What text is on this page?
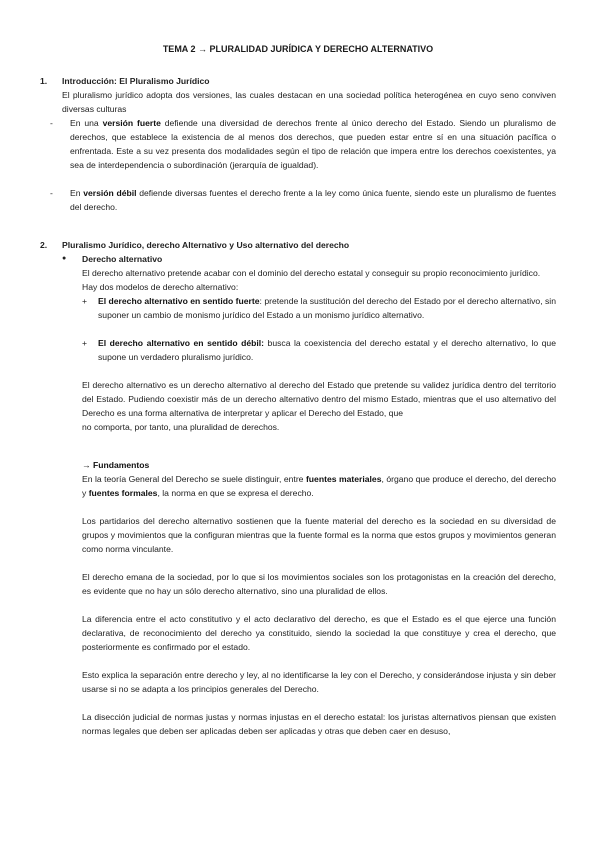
TEMA 2 → PLURALIDAD JURÍDICA Y DERECHO ALTERNATIVO
1. Introducción: El Pluralismo Jurídico
El pluralismo jurídico adopta dos versiones, las cuales destacan en una sociedad política heterogénea en cuyo seno conviven diversas culturas
- En una versión fuerte defiende una diversidad de derechos frente al único derecho del Estado. Siendo un pluralismo de derechos, que establece la existencia de al menos dos derechos, que pueden estar entre sí en una situación pacífica o enfrentada. Este a su vez presenta dos modalidades según el tipo de relación que impera entre los derechos coexistentes, ya sea de interdependencia o subordinación (jerarquía de igualdad).
- En versión débil defiende diversas fuentes el derecho frente a la ley como única fuente, siendo este un pluralismo de fuentes del derecho.
2. Pluralismo Jurídico, derecho Alternativo y Uso alternativo del derecho
● Derecho alternativo
El derecho alternativo pretende acabar con el dominio del derecho estatal y conseguir su propio reconocimiento jurídico.
Hay dos modelos de derecho alternativo:
+ El derecho alternativo en sentido fuerte: pretende la sustitución del derecho del Estado por el derecho alternativo, sin suponer un cambio de monismo jurídico del Estado a un monismo jurídico alternativo.
+ El derecho alternativo en sentido débil: busca la coexistencia del derecho estatal y el derecho alternativo, lo que supone un verdadero pluralismo jurídico.
El derecho alternativo es un derecho alternativo al derecho del Estado que pretende su validez jurídica dentro del territorio del Estado. Pudiendo coexistir más de un derecho alternativo dentro del mismo Estado, mientras que el uso alternativo del Derecho es una forma alternativa de interpretar y aplicar el Derecho del Estado, que
no comporta, por tanto, una pluralidad de derechos.
→ Fundamentos
En la teoría General del Derecho se suele distinguir, entre fuentes materiales, órgano que produce el derecho, del derecho y fuentes formales, la norma en que se expresa el derecho.
Los partidarios del derecho alternativo sostienen que la fuente material del derecho es la sociedad en su diversidad de grupos y movimientos que la configuran mientras que la fuente formal es la norma que estos grupos y movimientos generan como norma vinculante.
El derecho emana de la sociedad, por lo que si los movimientos sociales son los protagonistas en la creación del derecho, es evidente que no hay un sólo derecho alternativo, sino una pluralidad de ellos.
La diferencia entre el acto constitutivo y el acto declarativo del derecho, es que el Estado es el que ejerce una función declarativa, de reconocimiento del derecho ya constituido, siendo la sociedad la que constituye y crea el derecho, que posteriormente es confirmado por el estado.
Esto explica la separación entre derecho y ley, al no identificarse la ley con el Derecho, y considerándose injusta y sin deber usarse si no se adapta a los principios generales del Derecho.
La disección judicial de normas justas y normas injustas en el derecho estatal: los juristas alternativos piensan que existen normas legales que deben ser aplicadas deben ser aplicadas y otras que deben caer en desuso,
